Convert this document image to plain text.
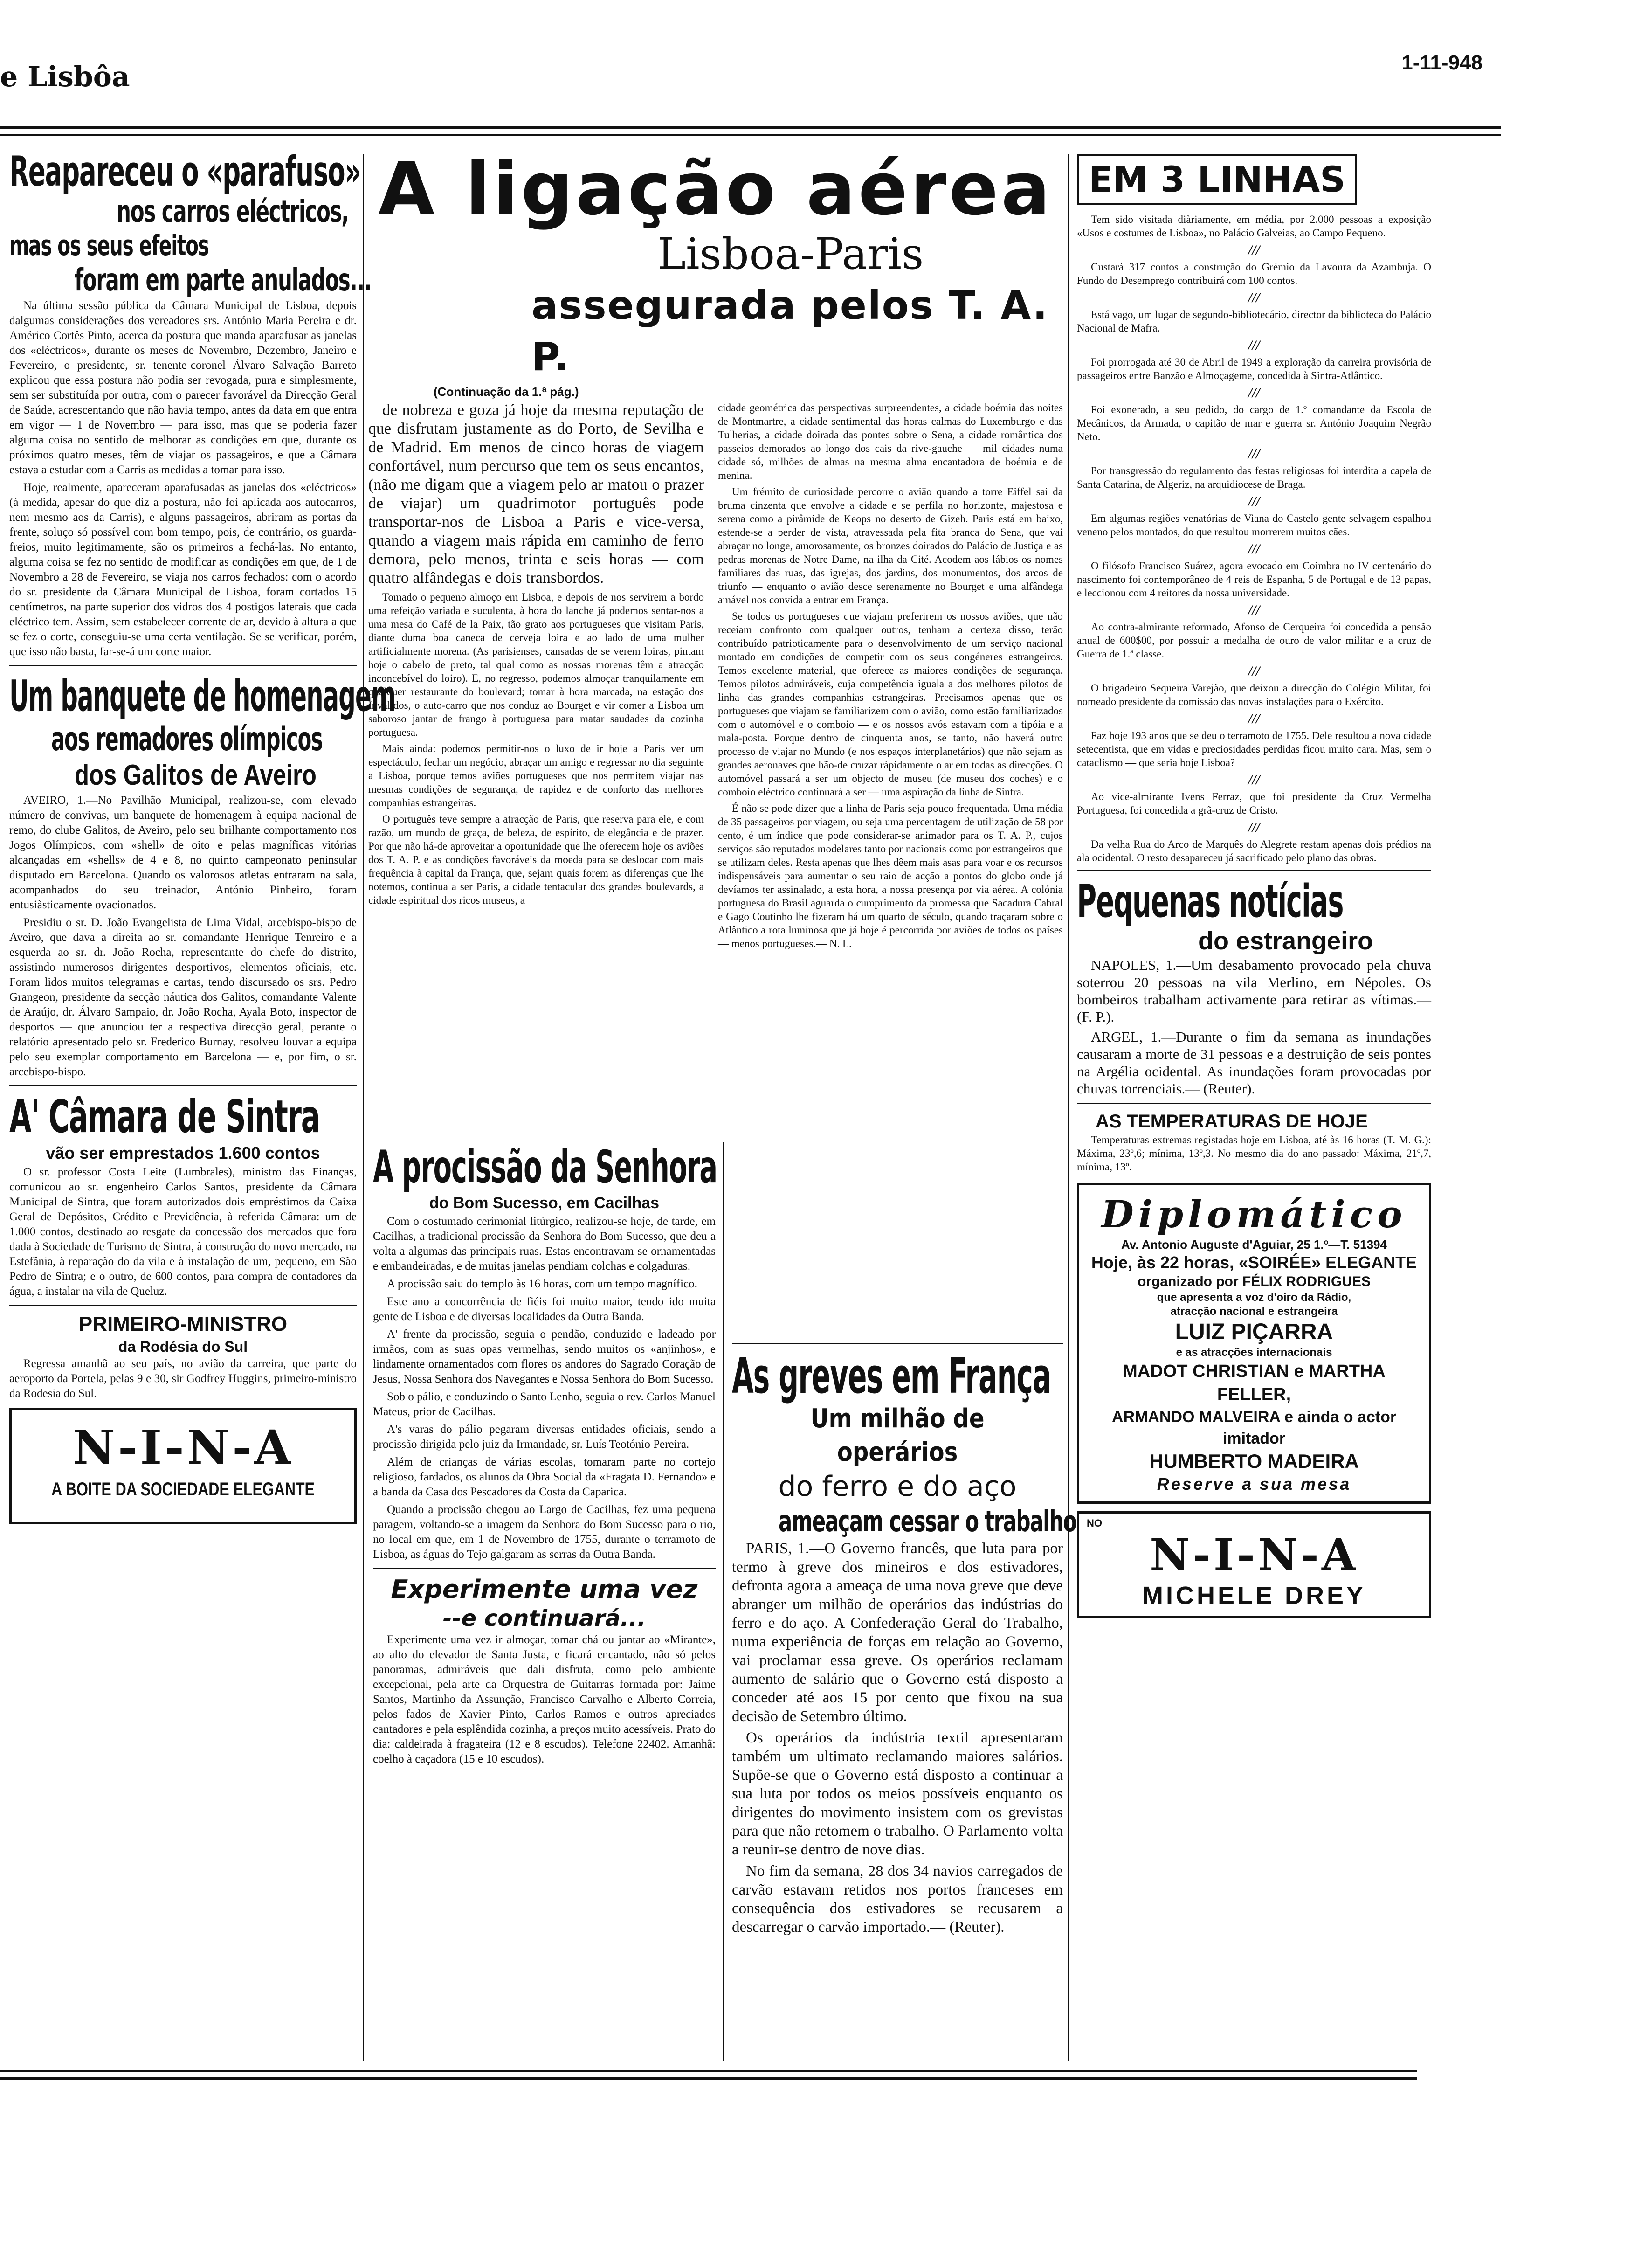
e Lisbôa	1-11-948
Reapareceu o «parafuso»
nos carros eléctricos,
mas os seus efeitos
foram em parte anulados...

Na última sessão pública da Câmara Municipal de Lisboa, depois dalgumas considerações dos vereadores srs. António Maria Pereira e dr. Américo Cortês Pinto, acerca da postura que manda aparafusar as janelas dos «eléctricos», durante os meses de Novembro, Dezembro, Janeiro e Fevereiro, o presidente, sr. tenente-coronel Álvaro Salvação Barreto explicou que essa postura não podia ser revogada, pura e simplesmente, sem ser substituída por outra, com o parecer favorável da Direcção Geral de Saúde, acrescentando que não havia tempo, antes da data em que entra em vigor — 1 de Novembro — para isso, mas que se poderia fazer alguma coisa no sentido de melhorar as condições em que, durante os próximos quatro meses, têm de viajar os passageiros, e que a Câmara estava a estudar com a Carris as medidas a tomar para isso.

Hoje, realmente, apareceram aparafusadas as janelas dos «eléctricos» (à medida, apesar do que diz a postura, não foi aplicada aos autocarros, nem mesmo aos da Carris), e alguns passageiros, abriram as portas da frente, soluço só possível com bom tempo, pois, de contrário, os guarda-freios, muito legitimamente, são os primeiros a fechá-las. No entanto, alguma coisa se fez no sentido de modificar as condições em que, de 1 de Novembro a 28 de Fevereiro, se viaja nos carros fechados: com o acordo do sr. presidente da Câmara Municipal de Lisboa, foram cortados 15 centímetros, na parte superior dos vidros dos 4 postigos laterais que cada eléctrico tem. Assim, sem estabelecer corrente de ar, devido à altura a que se fez o corte, conseguiu-se uma certa ventilação. Se se verificar, porém, que isso não basta, far-se-á um corte maior.

Um banquete de homenagem
aos remadores olímpicos
dos Galitos de Aveiro

AVEIRO, 1.—No Pavilhão Municipal, realizou-se, com elevado número de convivas, um banquete de homenagem à equipa nacional de remo, do clube Galitos, de Aveiro, pelo seu brilhante comportamento nos Jogos Olímpicos, com «shell» de oito e pelas magníficas vitórias alcançadas em «shells» de 4 e 8, no quinto campeonato peninsular disputado em Barcelona. Quando os valorosos atletas entraram na sala, acompanhados do seu treinador, António Pinheiro, foram entusiàsticamente ovacionados.

Presidiu o sr. D. João Evangelista de Lima Vidal, arcebispo-bispo de Aveiro, que dava a direita ao sr. comandante Henrique Tenreiro e a esquerda ao sr. dr. João Rocha, representante do chefe do distrito, assistindo numerosos dirigentes desportivos, elementos oficiais, etc. Foram lidos muitos telegramas e cartas, tendo discursado os srs. Pedro Grangeon, presidente da secção náutica dos Galitos, comandante Valente de Araújo, dr. Álvaro Sampaio, dr. João Rocha, Ayala Boto, inspector de desportos — que anunciou ter a respectiva direcção geral, perante o relatório apresentado pelo sr. Frederico Burnay, resolveu louvar a equipa pelo seu exemplar comportamento em Barcelona — e, por fim, o sr. arcebispo-bispo.

A' Câmara de Sintra
vão ser emprestados 1.600 contos

O sr. professor Costa Leite (Lumbrales), ministro das Finanças, comunicou ao sr. engenheiro Carlos Santos, presidente da Câmara Municipal de Sintra, que foram autorizados dois empréstimos da Caixa Geral de Depósitos, Crédito e Previdência, à referida Câmara: um de 1.000 contos, destinado ao resgate da concessão dos mercados que fora dada à Sociedade de Turismo de Sintra, à construção do novo mercado, na Estefânia, à reparação do da vila e à instalação de um, pequeno, em São Pedro de Sintra; e o outro, de 600 contos, para compra de contadores da água, a instalar na vila de Queluz.

PRIMEIRO-MINISTRO
da Rodésia do Sul

Regressa amanhã ao seu país, no avião da carreira, que parte do aeroporto da Portela, pelas 9 e 30, sir Godfrey Huggins, primeiro-ministro da Rodesia do Sul.

N-I-N-A
A BOITE DA SOCIEDADE ELEGANTE
A ligação aérea
Lisboa-Paris
assegurada pelos T. A. P.
(Continuação da 1.ª pág.)

de nobreza e goza já hoje da mesma reputação de que disfrutam justamente as do Porto, de Sevilha e de Madrid. Em menos de cinco horas de viagem confortável, num percurso que tem os seus encantos, (não me digam que a viagem pelo ar matou o prazer de viajar) um quadrimotor português pode transportar-nos de Lisboa a Paris e vice-versa, quando a viagem mais rápida em caminho de ferro demora, pelo menos, trinta e seis horas — com quatro alfândegas e dois transbordos.

Tomado o pequeno almoço em Lisboa, e depois de nos servirem a bordo uma refeição variada e suculenta, à hora do lanche já podemos sentar-nos a uma mesa do Café de la Paix, tão grato aos portugueses que visitam Paris, diante duma boa caneca de cerveja loira e ao lado de uma mulher artificialmente morena. (As parisienses, cansadas de se verem loiras, pintam hoje o cabelo de preto, tal qual como as nossas morenas têm a atracção inconcebível do loiro). E, no regresso, podemos almoçar tranquilamente em qualquer restaurante do boulevard; tomar à hora marcada, na estação dos Inválidos, o auto-carro que nos conduz ao Bourget e vir comer a Lisboa um saboroso jantar de frango à portuguesa para matar saudades da cozinha portuguesa.

Mais ainda: podemos permitir-nos o luxo de ir hoje a Paris ver um espectáculo, fechar um negócio, abraçar um amigo e regressar no dia seguinte a Lisboa, porque temos aviões portugueses que nos permitem viajar nas mesmas condições de segurança, de rapidez e de conforto das melhores companhias estrangeiras.

O português teve sempre a atracção de Paris, que reserva para ele, e com razão, um mundo de graça, de beleza, de espírito, de elegância e de prazer. Por que não há-de aproveitar a oportunidade que lhe oferecem hoje os aviões dos T. A. P. e as condições favoráveis da moeda para se deslocar com mais frequência à capital da França, que, sejam quais forem as diferenças que lhe notemos, continua a ser Paris, a cidade tentacular dos grandes boulevards, a cidade espiritual dos ricos museus, a

cidade geométrica das perspectivas surpreendentes, a cidade boémia das noites de Montmartre, a cidade sentimental das horas calmas do Luxemburgo e das Tulherias, a cidade doirada das pontes sobre o Sena, a cidade romântica dos passeios demorados ao longo dos cais da rive-gauche — mil cidades numa cidade só, milhões de almas na mesma alma encantadora de boémia e de menina.

Um frémito de curiosidade percorre o avião quando a torre Eiffel sai da bruma cinzenta que envolve a cidade e se perfila no horizonte, majestosa e serena como a pirâmide de Keops no deserto de Gizeh. Paris está em baixo, estende-se a perder de vista, atravessada pela fita branca do Sena, que vai abraçar no longe, amorosamente, os bronzes doirados do Palácio de Justiça e as pedras morenas de Notre Dame, na ilha da Cité. Acodem aos lábios os nomes familiares das ruas, das igrejas, dos jardins, dos monumentos, dos arcos de triunfo — enquanto o avião desce serenamente no Bourget e uma alfândega amável nos convida a entrar em França.

Se todos os portugueses que viajam preferirem os nossos aviões, que não receiam confronto com qualquer outros, tenham a certeza disso, terão contribuído patrioticamente para o desenvolvimento de um serviço nacional montado em condições de competir com os seus congéneres estrangeiros. Temos excelente material, que oferece as maiores condições de segurança. Temos pilotos admiráveis, cuja competência iguala a dos melhores pilotos de linha das grandes companhias estrangeiras. Precisamos apenas que os portugueses que viajam se familiarizem com o avião, como estão familiarizados com o automóvel e o comboio — e os nossos avós estavam com a tipóia e a mala-posta. Porque dentro de cinquenta anos, se tanto, não haverá outro processo de viajar no Mundo (e nos espaços interplanetários) que não sejam as grandes aeronaves que hão-de cruzar ràpidamente o ar em todas as direcções. O automóvel passará a ser um objecto de museu (de museu dos coches) e o comboio eléctrico continuará a ser — uma aspiração da linha de Sintra.

É não se pode dizer que a linha de Paris seja pouco frequentada. Uma média de 35 passageiros por viagem, ou seja uma percentagem de utilização de 58 por cento, é um índice que pode considerar-se animador para os T. A. P., cujos serviços são reputados modelares tanto por nacionais como por estrangeiros que se utilizam deles. Resta apenas que lhes dêem mais asas para voar e os recursos indispensáveis para aumentar o seu raio de acção a pontos do globo onde já devíamos ter assinalado, a esta hora, a nossa presença por via aérea. A colónia portuguesa do Brasil aguarda o cumprimento da promessa que Sacadura Cabral e Gago Coutinho lhe fizeram há um quarto de século, quando traçaram sobre o Atlântico a rota luminosa que já hoje é percorrida por aviões de todos os países — menos portugueses.— N. L.

A procissão da Senhora
do Bom Sucesso, em Cacilhas

Com o costumado cerimonial litúrgico, realizou-se hoje, de tarde, em Cacilhas, a tradicional procissão da Senhora do Bom Sucesso, que deu a volta a algumas das principais ruas. Estas encontravam-se ornamentadas e embandeiradas, e de muitas janelas pendiam colchas e colgaduras.

A procissão saiu do templo às 16 horas, com um tempo magnífico.

Este ano a concorrência de fiéis foi muito maior, tendo ido muita gente de Lisboa e de diversas localidades da Outra Banda.

A' frente da procissão, seguia o pendão, conduzido e ladeado por irmãos, com as suas opas vermelhas, sendo muitos os «anjinhos», e lindamente ornamentados com flores os andores do Sagrado Coração de Jesus, Nossa Senhora dos Navegantes e Nossa Senhora do Bom Sucesso.

Sob o pálio, e conduzindo o Santo Lenho, seguia o rev. Carlos Manuel Mateus, prior de Cacilhas.

A's varas do pálio pegaram diversas entidades oficiais, sendo a procissão dirigida pelo juiz da Irmandade, sr. Luís Teotónio Pereira.

Além de crianças de várias escolas, tomaram parte no cortejo religioso, fardados, os alunos da Obra Social da «Fragata D. Fernando» e a banda da Casa dos Pescadores da Costa da Caparica.

Quando a procissão chegou ao Largo de Cacilhas, fez uma pequena paragem, voltando-se a imagem da Senhora do Bom Sucesso para o rio, no local em que, em 1 de Novembro de 1755, durante o terramoto de Lisboa, as águas do Tejo galgaram as serras da Outra Banda.

Experimente uma vez
--e continuará...

Experimente uma vez ir almoçar, tomar chá ou jantar ao «Mirante», ao alto do elevador de Santa Justa, e ficará encantado, não só pelos panoramas, admiráveis que dali disfruta, como pelo ambiente excepcional, pela arte da Orquestra de Guitarras formada por: Jaime Santos, Martinho da Assunção, Francisco Carvalho e Alberto Correia, pelos fados de Xavier Pinto, Carlos Ramos e outros apreciados cantadores e pela esplêndida cozinha, a preços muito acessíveis. Prato do dia: caldeirada à fragateira (12 e 8 escudos). Telefone 22402. Amanhã: coelho à caçadora (15 e 10 escudos).

As greves em França
Um milhão de operários
do ferro e do aço
ameaçam cessar o trabalho

PARIS, 1.—O Governo francês, que luta para por termo à greve dos mineiros e dos estivadores, defronta agora a ameaça de uma nova greve que deve abranger um milhão de operários das indústrias do ferro e do aço. A Confederação Geral do Trabalho, numa experiência de forças em relação ao Governo, vai proclamar essa greve. Os operários reclamam aumento de salário que o Governo está disposto a conceder até aos 15 por cento que fixou na sua decisão de Setembro último.

Os operários da indústria textil apresentaram também um ultimato reclamando maiores salários. Supõe-se que o Governo está disposto a continuar a sua luta por todos os meios possíveis enquanto os dirigentes do movimento insistem com os grevistas para que não retomem o trabalho. O Parlamento volta a reunir-se dentro de nove dias.

No fim da semana, 28 dos 34 navios carregados de carvão estavam retidos nos portos franceses em consequência dos estivadores se recusarem a descarregar o carvão importado.— (Reuter).

EM 3 LINHAS

Tem sido visitada diàriamente, em média, por 2.000 pessoas a exposição «Usos e costumes de Lisboa», no Palácio Galveias, ao Campo Pequeno.

///

Custará 317 contos a construção do Grémio da Lavoura da Azambuja. O Fundo do Desemprego contribuirá com 100 contos.

///

Está vago, um lugar de segundo-bibliotecário, director da biblioteca do Palácio Nacional de Mafra.

///

Foi prorrogada até 30 de Abril de 1949 a exploração da carreira provisória de passageiros entre Banzão e Almoçageme, concedida à Sintra-Atlântico.

///

Foi exonerado, a seu pedido, do cargo de 1.º comandante da Escola de Mecânicos, da Armada, o capitão de mar e guerra sr. António Joaquim Negrão Neto.

///

Por transgressão do regulamento das festas religiosas foi interdita a capela de Santa Catarina, de Algeriz, na arquidiocese de Braga.

///

Em algumas regiões venatórias de Viana do Castelo gente selvagem espalhou veneno pelos montados, do que resultou morrerem muitos cães.

///

O filósofo Francisco Suárez, agora evocado em Coimbra no IV centenário do nascimento foi contemporâneo de 4 reis de Espanha, 5 de Portugal e de 13 papas, e leccionou com 4 reitores da nossa universidade.

///

Ao contra-almirante reformado, Afonso de Cerqueira foi concedida a pensão anual de 600$00, por possuir a medalha de ouro de valor militar e a cruz de Guerra de 1.ª classe.

///

O brigadeiro Sequeira Varejão, que deixou a direcção do Colégio Militar, foi nomeado presidente da comissão das novas instalações para o Exército.

///

Faz hoje 193 anos que se deu o terramoto de 1755. Dele resultou a nova cidade setecentista, que em vidas e preciosidades perdidas ficou muito cara. Mas, sem o cataclismo — que seria hoje Lisboa?

///

Ao vice-almirante Ivens Ferraz, que foi presidente da Cruz Vermelha Portuguesa, foi concedida a grã-cruz de Cristo.

///

Da velha Rua do Arco de Marquês do Alegrete restam apenas dois prédios na ala ocidental. O resto desapareceu já sacrificado pelo plano das obras.

Pequenas notícias
do estrangeiro

NAPOLES, 1.—Um desabamento provocado pela chuva soterrou 20 pessoas na vila Merlino, em Népoles. Os bombeiros trabalham activamente para retirar as vítimas.— (F. P.).

ARGEL, 1.—Durante o fim da semana as inundações causaram a morte de 31 pessoas e a destruição de seis pontes na Argélia ocidental. As inundações foram provocadas por chuvas torrenciais.— (Reuter).

AS TEMPERATURAS DE HOJE

Temperaturas extremas registadas hoje em Lisboa, até às 16 horas (T. M. G.): Máxima, 23º,6; mínima, 13º,3. No mesmo dia do ano passado: Máxima, 21º,7, mínima, 13º.

Diplomático
Av. Antonio Auguste d'Aguiar, 25 1.º—T. 51394
Hoje, às 22 horas, «SOIRÉE» ELEGANTE
organizado por FÉLIX RODRIGUES
que apresenta a voz d'oiro da Rádio,
atracção nacional e estrangeira
LUIZ PIÇARRA
e as atracções internacionais
MADOT CHRISTIAN e MARTHA FELLER,
ARMANDO MALVEIRA e ainda o actor imitador
HUMBERTO MADEIRA
Reserve a sua mesa
NO
N-I-N-A
MICHELE DREY
